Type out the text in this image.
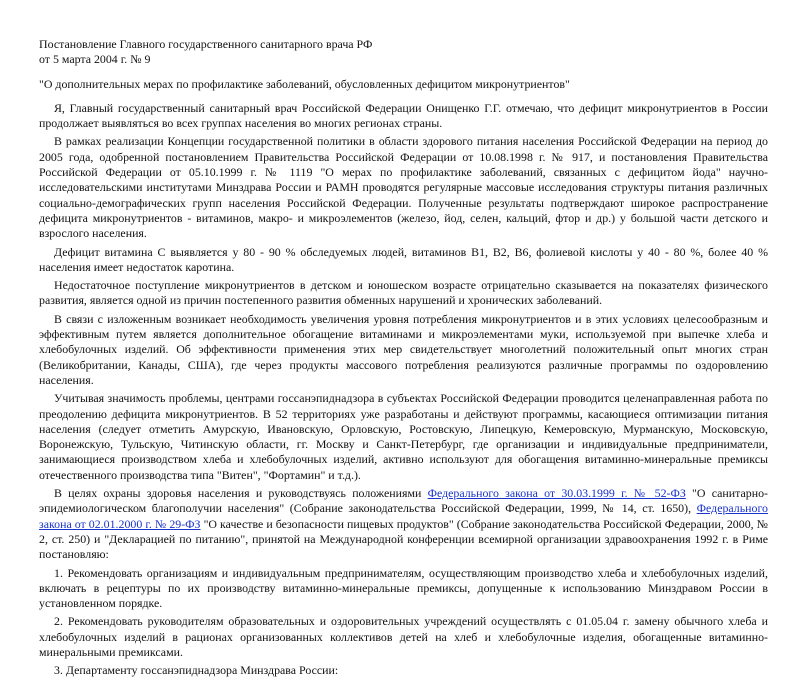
Постановление Главного государственного санитарного врача РФ

от 5 марта 2004 г. № 9

"О дополнительных мерах по профилактике заболеваний, обусловленных дефицитом микронутриентов"

Я, Главный государственный санитарный врач Российской Федерации Онищенко Г.Г. отмечаю, что дефицит микронутриентов в России продолжает выявляться во всех группах населения во многих регионах страны.

В рамках реализации Концепции государственной политики в области здорового питания населения Российской Федерации на период до 2005 года, одобренной постановлением Правительства Российской Федерации от 10.08.1998 г. № 917, и постановления Правительства Российской Федерации от 05.10.1999 г. № 1119 "О мерах по профилактике заболеваний, связанных с дефицитом йода" научно-исследовательскими институтами Минздрава России и РАМН проводятся регулярные массовые исследования структуры питания различных социально-демографических групп населения Российской Федерации. Полученные результаты подтверждают широкое распространение дефицита микронутриентов - витаминов, макро- и микроэлементов (железо, йод, селен, кальций, фтор и др.) у большой части детского и взрослого населения.

Дефицит витамина С выявляется у 80 - 90 % обследуемых людей, витаминов В1, В2, В6, фолиевой кислоты у 40 - 80 %, более 40 % населения имеет недостаток каротина.

Недостаточное поступление микронутриентов в детском и юношеском возрасте отрицательно сказывается на показателях физического развития, является одной из причин постепенного развития обменных нарушений и хронических заболеваний.

В связи с изложенным возникает необходимость увеличения уровня потребления микронутриентов и в этих условиях целесообразным и эффективным путем является дополнительное обогащение витаминами и микроэлементами муки, используемой при выпечке хлеба и хлебобулочных изделий. Об эффективности применения этих мер свидетельствует многолетний положительный опыт многих стран (Великобритании, Канады, США), где через продукты массового потребления реализуются различные программы по оздоровлению населения.

Учитывая значимость проблемы, центрами госсанэпиднадзора в субъектах Российской Федерации проводится целенаправленная работа по преодолению дефицита микронутриентов. В 52 территориях уже разработаны и действуют программы, касающиеся оптимизации питания населения (следует отметить Амурскую, Ивановскую, Орловскую, Ростовскую, Липецкую, Кемеровскую, Мурманскую, Московскую, Воронежскую, Тульскую, Читинскую области, гг. Москву и Санкт-Петербург, где организации и индивидуальные предприниматели, занимающиеся производством хлеба и хлебобулочных изделий, активно используют для обогащения витаминно-минеральные премиксы отечественного производства типа "Витен", "Фортамин" и т.д.).

В целях охраны здоровья населения и руководствуясь положениями Федерального закона от 30.03.1999 г. № 52-ФЗ "О санитарно-эпидемиологическом благополучии населения" (Собрание законодательства Российской Федерации, 1999, № 14, ст. 1650), Федерального закона от 02.01.2000 г. № 29-ФЗ "О качестве и безопасности пищевых продуктов" (Собрание законодательства Российской Федерации, 2000, № 2, ст. 250) и "Декларацией по питанию", принятой на Международной конференции всемирной организации здравоохранения 1992 г. в Риме постановляю:

1. Рекомендовать организациям и индивидуальным предпринимателям, осуществляющим производство хлеба и хлебобулочных изделий, включать в рецептуры по их производству витаминно-минеральные премиксы, допущенные к использованию Минздравом России в установленном порядке.

2. Рекомендовать руководителям образовательных и оздоровительных учреждений осуществлять с 01.05.04 г. замену обычного хлеба и хлебобулочных изделий в рационах организованных коллективов детей на хлеб и хлебобулочные изделия, обогащенные витаминно-минеральными премиксами.

3. Департаменту госсанэпиднадзора Минздрава России:
